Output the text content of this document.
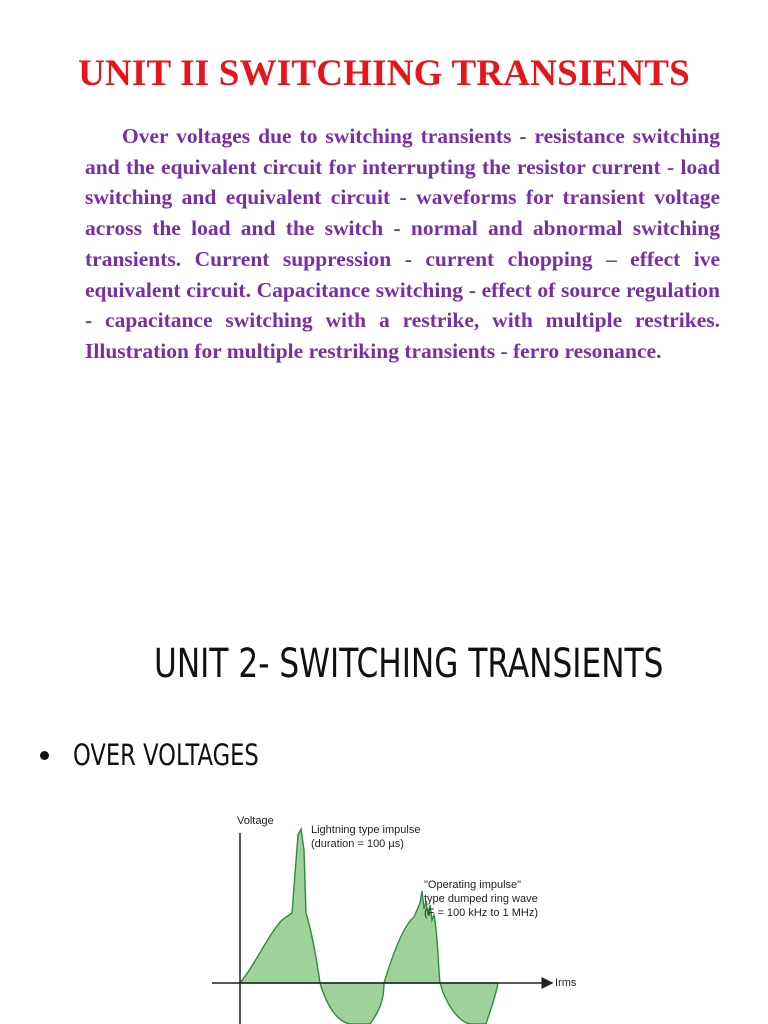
UNIT II SWITCHING TRANSIENTS

Over voltages due to switching transients - resistance switching and the equivalent circuit for interrupting the resistor current - load switching and equivalent circuit - waveforms for transient voltage across the load and the switch - normal and abnormal switching transients. Current suppression - current chopping – effect ive equivalent circuit. Capacitance switching - effect of source regulation - capacitance switching with a restrike, with multiple restrikes. Illustration for multiple restriking transients - ferro resonance.

UNIT 2- SWITCHING TRANSIENTS
OVER VOLTAGES
Voltage
Lightning type impulse
(duration = 100 µs)
"Operating impulse"
type dumped ring wave
(F = 100 kHz to 1 MHz)
Irms
